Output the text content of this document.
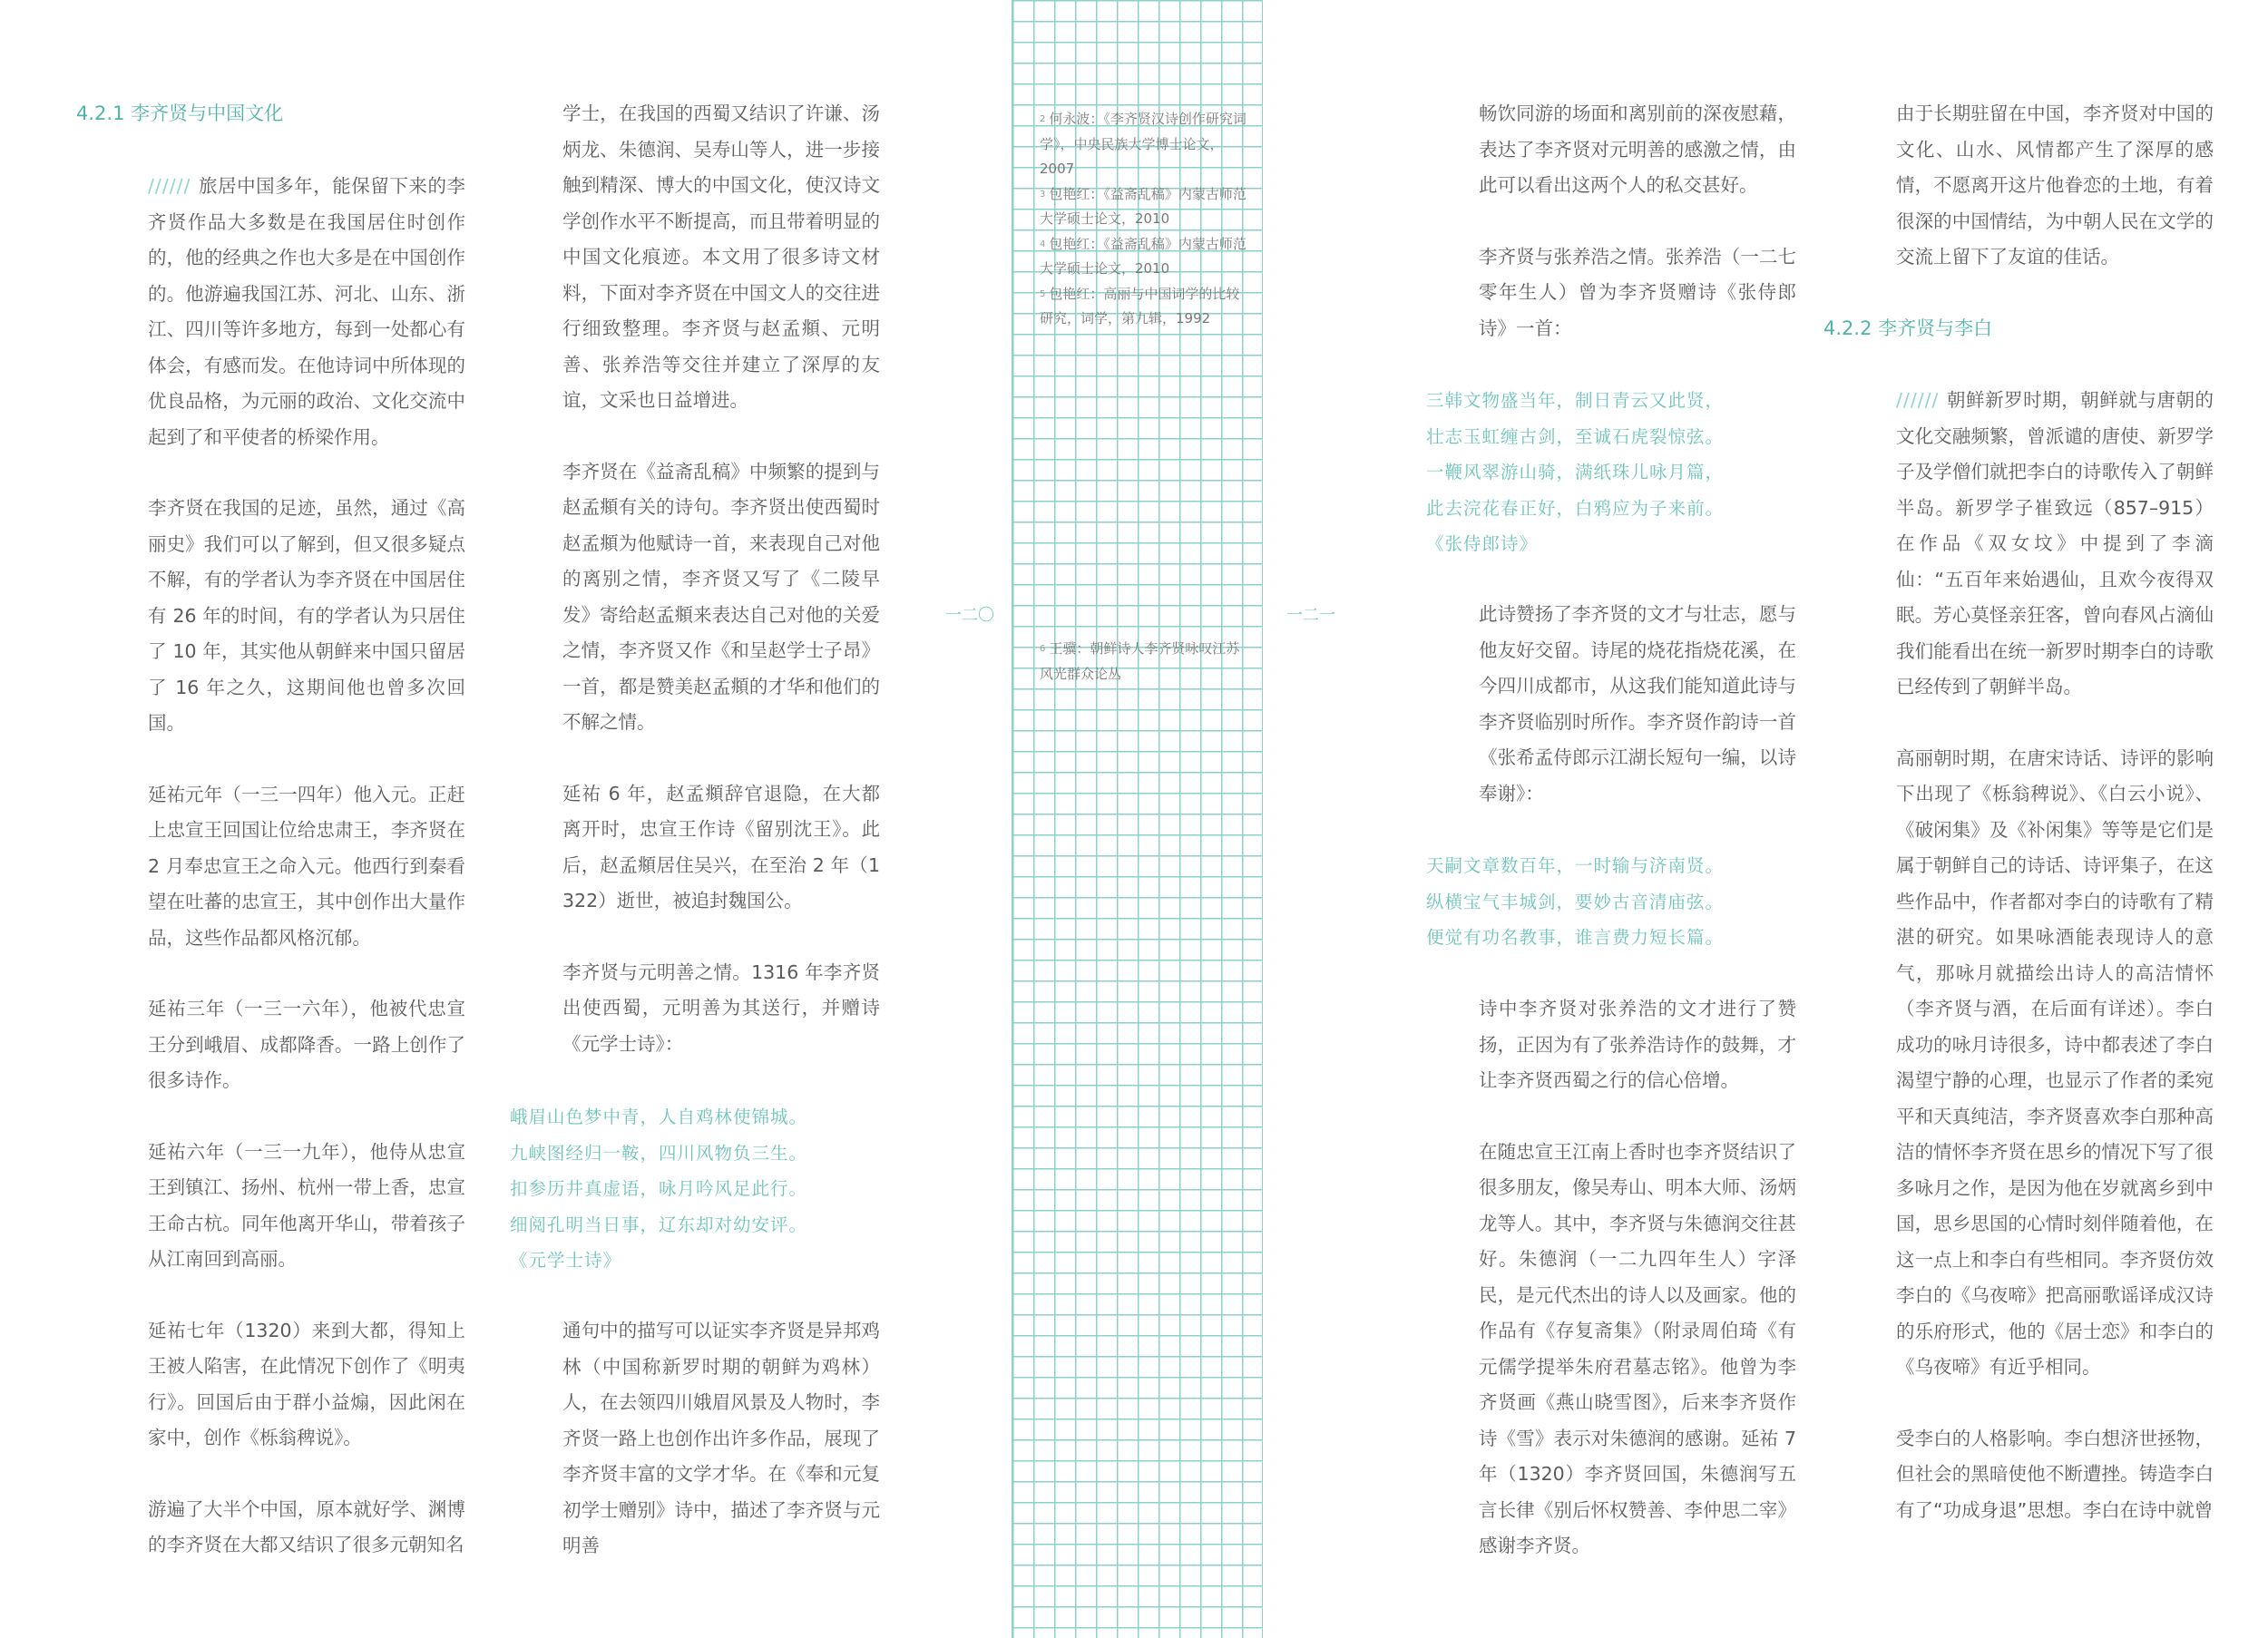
4.2.1 李齐贤与中国文化

////// 旅居中国多年，能保留下来的李齐贤作品大多数是在我国居住时创作的，他的经典之作也大多是在中国创作的。他游遍我国江苏、河北、山东、浙江、四川等许多地方，每到一处都心有体会，有感而发。在他诗词中所体现的优良品格，为元丽的政治、文化交流中起到了和平使者的桥梁作用。

李齐贤在我国的足迹，虽然，通过《高丽史》我们可以了解到，但又很多疑点不解，有的学者认为李齐贤在中国居住有 26 年的时间，有的学者认为只居住了 10 年，其实他从朝鲜来中国只留居了 16 年之久，这期间他也曾多次回国。

延祐元年（一三一四年）他入元。正赶上忠宣王回国让位给忠肃王，李齐贤在 2 月奉忠宣王之命入元。他西行到秦看望在吐蕃的忠宣王，其中创作出大量作品，这些作品都风格沉郁。

延祐三年（一三一六年），他被代忠宣王分到峨眉、成都降香。一路上创作了很多诗作。

延祐六年（一三一九年），他侍从忠宣王到镇江、扬州、杭州一带上香，忠宣王命古杭。同年他离开华山，带着孩子从江南回到高丽。

延祐七年（1320）来到大都，得知上王被人陷害，在此情况下创作了《明夷行》。回国后由于群小益煽，因此闲在家中，创作《栎翁稗说》。

游遍了大半个中国，原本就好学、渊博的李齐贤在大都又结识了很多元朝知名

学士，在我国的西蜀又结识了许谦、汤炳龙、朱德润、吴寿山等人，进一步接触到精深、博大的中国文化，使汉诗文学创作水平不断提高，而且带着明显的中国文化痕迹。本文用了很多诗文材料，下面对李齐贤在中国文人的交往进行细致整理。李齐贤与赵孟頫、元明善、张养浩等交往并建立了深厚的友谊，文采也日益增进。

李齐贤在《益斋乱稿》中频繁的提到与赵孟頫有关的诗句。李齐贤出使西蜀时赵孟頫为他赋诗一首，来表现自己对他的离别之情，李齐贤又写了《二陵早发》寄给赵孟頫来表达自己对他的关爱之情，李齐贤又作《和呈赵学士子昂》一首，都是赞美赵孟頫的才华和他们的不解之情。

延祐 6 年，赵孟頫辞官退隐，在大都离开时，忠宣王作诗《留别沈王》。此后，赵孟頫居住吴兴，在至治 2 年（1322）逝世，被追封魏国公。

李齐贤与元明善之情。1316 年李齐贤出使西蜀，元明善为其送行，并赠诗《元学士诗》：

峨眉山色梦中青，人自鸡林使锦城。
九峡图经归一鞍，四川风物负三生。
扣参历井真虚语，咏月吟风足此行。
细阅孔明当日事，辽东却对幼安评。
《元学士诗》

通句中的描写可以证实李齐贤是异邦鸡林（中国称新罗时期的朝鲜为鸡林）人，在去领四川娥眉风景及人物时，李齐贤一路上也创作出许多作品，展现了李齐贤丰富的文学才华。在《奉和元复初学士赠别》诗中，描述了李齐贤与元明善

一二〇
$^2$ 何永波：《李齐贤汉诗创作研究词学》，中央民族大学博士论文，2007
$^3$ 包艳红：《益斋乱稿》内蒙古师范大学硕士论文，2010
$^4$ 包艳红：《益斋乱稿》内蒙古师范大学硕士论文，2010
$^5$ 包艳红：高丽与中国词学的比较研究，词学，第九辑，1992
$^6$ 王骥：朝鲜诗人李齐贤咏叹江苏风光群众论丛
一二一

畅饮同游的场面和离别前的深夜慰藉，表达了李齐贤对元明善的感激之情，由此可以看出这两个人的私交甚好。

李齐贤与张养浩之情。张养浩（一二七零年生人）曾为李齐贤赠诗《张侍郎诗》一首：

三韩文物盛当年，制日青云又此贤，
壮志玉虹缠古剑，至诚石虎裂惊弦。
一鞭风翠游山骑，满纸珠儿咏月篇，
此去浣花春正好，白鸦应为子来前。
《张侍郎诗》

此诗赞扬了李齐贤的文才与壮志，愿与他友好交留。诗尾的烧花指烧花溪，在今四川成都市，从这我们能知道此诗与李齐贤临别时所作。李齐贤作韵诗一首《张希孟侍郎示江湖长短句一编，以诗奉谢》：

天嗣文章数百年，一时输与济南贤。
纵横宝气丰城剑，要妙古音清庙弦。
便觉有功名教事，谁言费力短长篇。

诗中李齐贤对张养浩的文才进行了赞扬，正因为有了张养浩诗作的鼓舞，才让李齐贤西蜀之行的信心倍增。

在随忠宣王江南上香时也李齐贤结识了很多朋友，像吴寿山、明本大师、汤炳龙等人。其中，李齐贤与朱德润交往甚好。朱德润（一二九四年生人）字泽民，是元代杰出的诗人以及画家。他的作品有《存复斋集》（附录周伯琦《有元儒学提举朱府君墓志铭》。他曾为李齐贤画《燕山晓雪图》，后来李齐贤作诗《雪》表示对朱德润的感谢。延祐 7 年（1320）李齐贤回国，朱德润写五言长律《别后怀权赞善、李仲思二宰》感谢李齐贤。

由于长期驻留在中国，李齐贤对中国的文化、山水、风情都产生了深厚的感情，不愿离开这片他眷恋的土地，有着很深的中国情结，为中朝人民在文学的交流上留下了友谊的佳话。

4.2.2 李齐贤与李白

////// 朝鲜新罗时期，朝鲜就与唐朝的文化交融频繁，曾派谴的唐使、新罗学子及学僧们就把李白的诗歌传入了朝鲜半岛。新罗学子崔致远（857–915）在作品《双女坟》中提到了李滴仙：“五百年来始遇仙，且欢今夜得双眠。芳心莫怪亲狂客，曾向春风占滴仙我们能看出在统一新罗时期李白的诗歌已经传到了朝鲜半岛。

高丽朝时期，在唐宋诗话、诗评的影响下出现了《栎翁稗说》、《白云小说》、《破闲集》及《补闲集》等等是它们是属于朝鲜自己的诗话、诗评集子，在这些作品中，作者都对李白的诗歌有了精湛的研究。如果咏酒能表现诗人的意气，那咏月就描绘出诗人的高洁情怀（李齐贤与酒，在后面有详述）。李白成功的咏月诗很多，诗中都表述了李白渴望宁静的心理，也显示了作者的柔宛平和天真纯洁，李齐贤喜欢李白那种高洁的情怀李齐贤在思乡的情况下写了很多咏月之作，是因为他在岁就离乡到中国，思乡思国的心情时刻伴随着他，在这一点上和李白有些相同。李齐贤仿效李白的《乌夜啼》把高丽歌谣译成汉诗的乐府形式，他的《居士恋》和李白的《乌夜啼》有近乎相同。

受李白的人格影响。李白想济世拯物，但社会的黑暗使他不断遭挫。铸造李白有了“功成身退”思想。李白在诗中就曾
